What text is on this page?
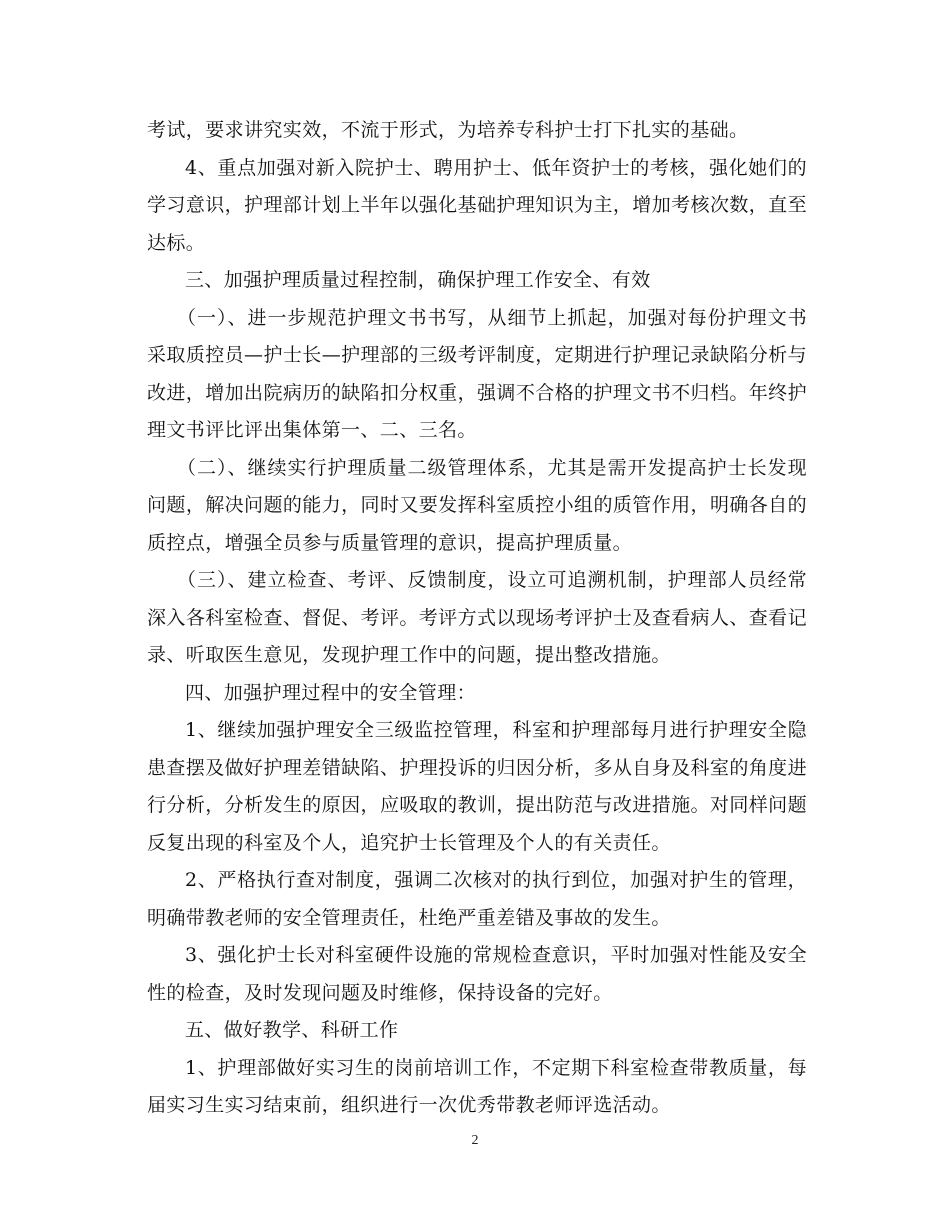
考试，要求讲究实效，不流于形式，为培养专科护士打下扎实的基础。

4、重点加强对新入院护士、聘用护士、低年资护士的考核，强化她们的学习意识，护理部计划上半年以强化基础护理知识为主，增加考核次数，直至达标。

三、加强护理质量过程控制，确保护理工作安全、有效

（一）、进一步规范护理文书书写，从细节上抓起，加强对每份护理文书采取质控员—护士长—护理部的三级考评制度，定期进行护理记录缺陷分析与改进，增加出院病历的缺陷扣分权重，强调不合格的护理文书不归档。年终护理文书评比评出集体第一、二、三名。

（二）、继续实行护理质量二级管理体系，尤其是需开发提高护士长发现问题，解决问题的能力，同时又要发挥科室质控小组的质管作用，明确各自的质控点，增强全员参与质量管理的意识，提高护理质量。

（三）、建立检查、考评、反馈制度，设立可追溯机制，护理部人员经常深入各科室检查、督促、考评。考评方式以现场考评护士及查看病人、查看记录、听取医生意见，发现护理工作中的问题，提出整改措施。

四、加强护理过程中的安全管理：

1、继续加强护理安全三级监控管理，科室和护理部每月进行护理安全隐患查摆及做好护理差错缺陷、护理投诉的归因分析，多从自身及科室的角度进行分析，分析发生的原因，应吸取的教训，提出防范与改进措施。对同样问题反复出现的科室及个人，追究护士长管理及个人的有关责任。

2、严格执行查对制度，强调二次核对的执行到位，加强对护生的管理，明确带教老师的安全管理责任，杜绝严重差错及事故的发生。

3、强化护士长对科室硬件设施的常规检查意识，平时加强对性能及安全性的检查，及时发现问题及时维修，保持设备的完好。

五、做好教学、科研工作

1、护理部做好实习生的岗前培训工作，不定期下科室检查带教质量，每届实习生实习结束前，组织进行一次优秀带教老师评选活动。

2
